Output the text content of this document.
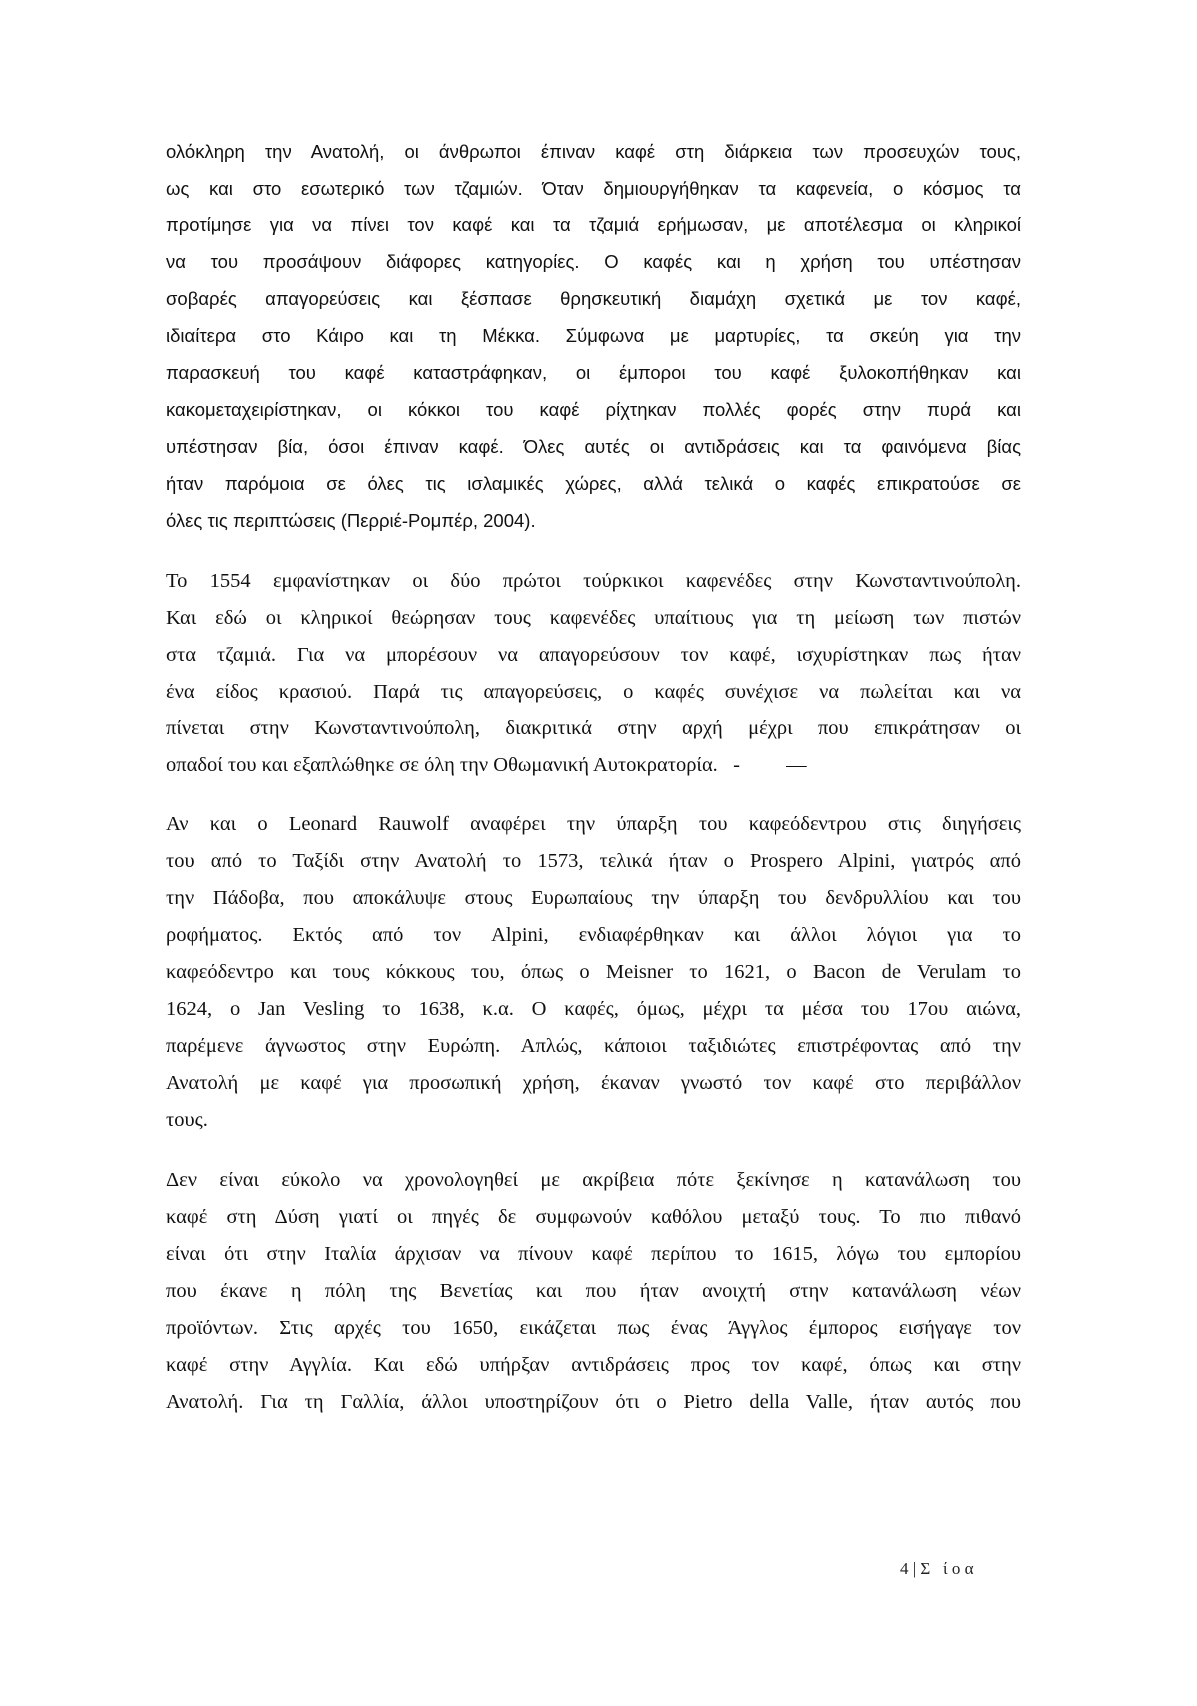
ολόκληρη την Ανατολή, οι άνθρωποι έπιναν καφέ στη διάρκεια των προσευχών τους,
ως και στο εσωτερικό των τζαμιών. Όταν δημιουργήθηκαν τα καφενεία, ο κόσμος τα
προτίμησε για να πίνει τον καφέ και τα τζαμιά ερήμωσαν, με αποτέλεσμα οι κληρικοί
να του προσάψουν διάφορες κατηγορίες. Ο καφές και η χρήση του υπέστησαν
σοβαρές απαγορεύσεις και ξέσπασε θρησκευτική διαμάχη σχετικά με τον καφέ,
ιδιαίτερα στο Κάιρο και τη Μέκκα. Σύμφωνα με μαρτυρίες, τα σκεύη για την
παρασκευή του καφέ καταστράφηκαν, οι έμποροι του καφέ ξυλοκοπήθηκαν και
κακομεταχειρίστηκαν, οι κόκκοι του καφέ ρίχτηκαν πολλές φορές στην πυρά και
υπέστησαν βία, όσοι έπιναν καφέ. Όλες αυτές οι αντιδράσεις και τα φαινόμενα βίας
ήταν παρόμοια σε όλες τις ισλαμικές χώρες, αλλά τελικά ο καφές επικρατούσε σε
όλες τις περιπτώσεις (Περριέ-Ρομπέρ, 2004).
Το 1554 εμφανίστηκαν οι δύο πρώτοι τούρκικοι καφενέδες στην Κωνσταντινούπολη.
Και εδώ οι κληρικοί θεώρησαν τους καφενέδες υπαίτιους για τη μείωση των πιστών
στα τζαμιά. Για να μπορέσουν να απαγορεύσουν τον καφέ, ισχυρίστηκαν πως ήταν
ένα είδος κρασιού. Παρά τις απαγορεύσεις, ο καφές συνέχισε να πωλείται και να
πίνεται στην Κωνσταντινούπολη, διακριτικά στην αρχή μέχρι που επικράτησαν οι
οπαδοί του και εξαπλώθηκε σε όλη την Οθωμανική Αυτοκρατορία.   -         —
Αν και ο Leonard Rauwolf αναφέρει την ύπαρξη του καφεόδεντρου στις διηγήσεις
του από το Ταξίδι στην Ανατολή το 1573, τελικά ήταν ο Prospero Alpini, γιατρός από
την Πάδοβα, που αποκάλυψε στους Ευρωπαίους την ύπαρξη του δενδρυλλίου και του
ροφήματος. Εκτός από τον Alpini, ενδιαφέρθηκαν και άλλοι λόγιοι για το
καφεόδεντρο και τους κόκκους του, όπως ο Meisner το 1621, ο Bacon de Verulam το
1624, ο Jan Vesling το 1638, κ.α. Ο καφές, όμως, μέχρι τα μέσα του 17ου αιώνα,
παρέμενε άγνωστος στην Ευρώπη. Απλώς, κάποιοι ταξιδιώτες επιστρέφοντας από την
Ανατολή με καφέ για προσωπική χρήση, έκαναν γνωστό τον καφέ στο περιβάλλον
τους.
Δεν είναι εύκολο να χρονολογηθεί με ακρίβεια πότε ξεκίνησε η κατανάλωση του
καφέ στη Δύση γιατί οι πηγές δε συμφωνούν καθόλου μεταξύ τους. Το πιο πιθανό
είναι ότι στην Ιταλία άρχισαν να πίνουν καφέ περίπου το 1615, λόγω του εμπορίου
που έκανε η πόλη της Βενετίας και που ήταν ανοιχτή στην κατανάλωση νέων
προϊόντων. Στις αρχές του 1650, εικάζεται πως ένας Άγγλος έμπορος εισήγαγε τον
καφέ στην Αγγλία. Και εδώ υπήρξαν αντιδράσεις προς τον καφέ, όπως και στην
Ανατολή. Για τη Γαλλία, άλλοι υποστηρίζουν ότι ο Pietro della Valle, ήταν αυτός που
4 | Σ   ί ο α
